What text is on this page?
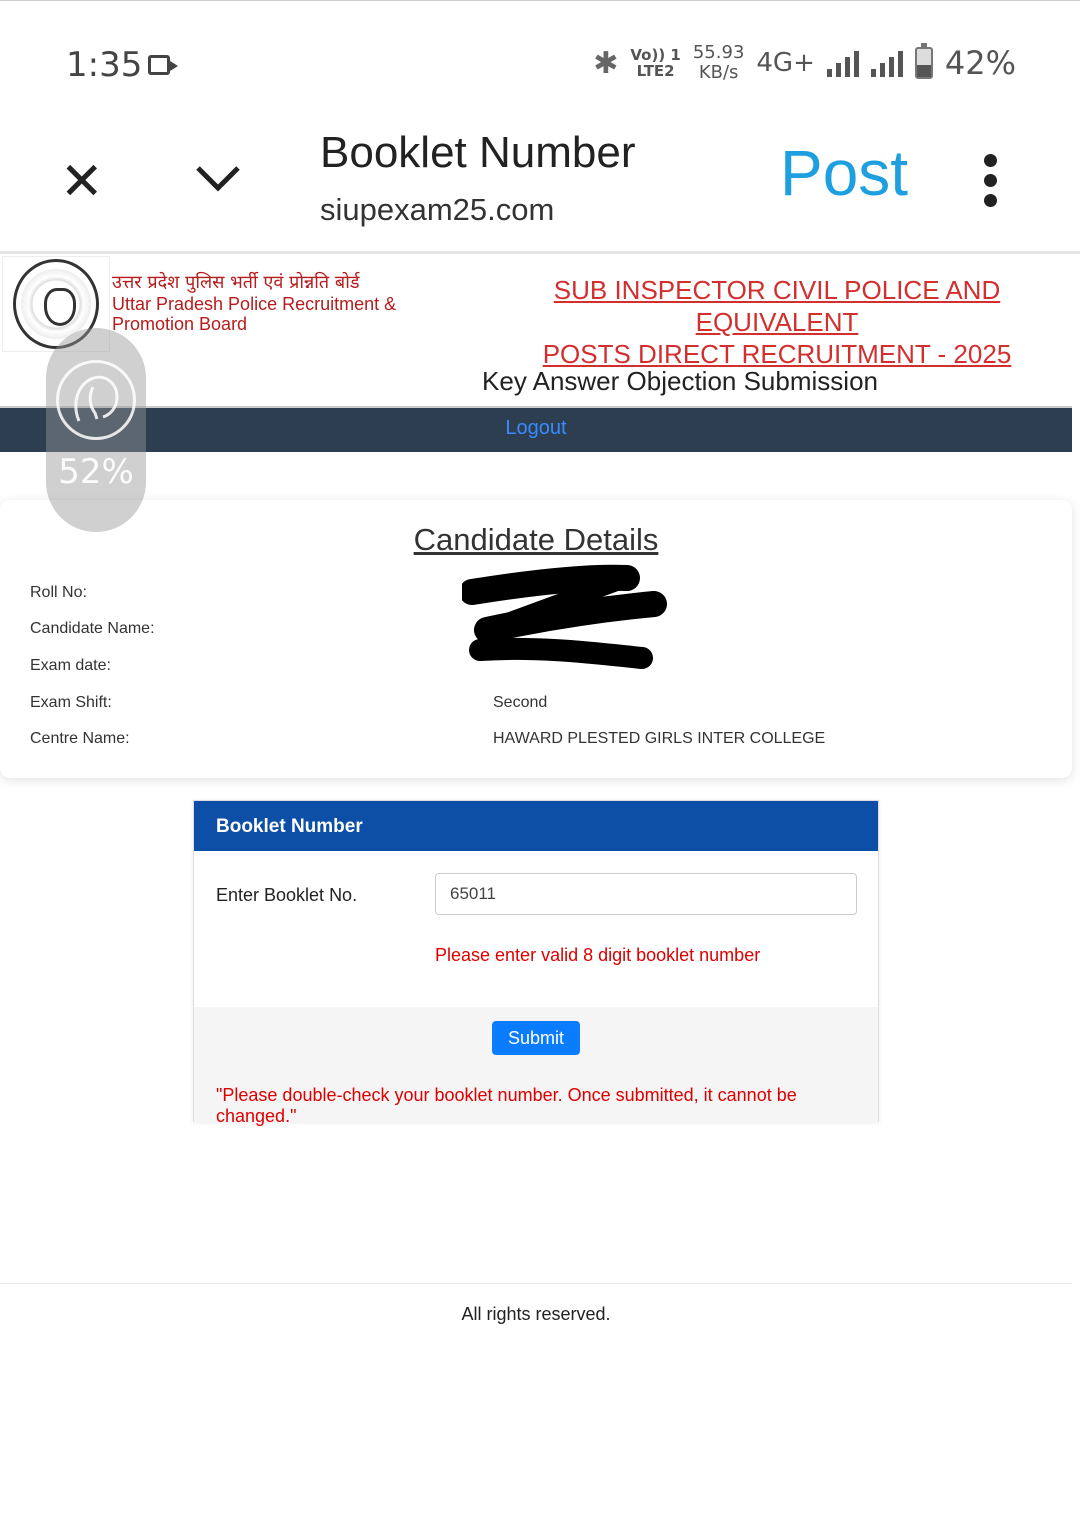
1:35	✱ Vo)) 1
LTE2
55.93
KB/s 4G+	42%
✕	Booklet Number
siupexam25.com
Post
उत्तर प्रदेश पुलिस भर्ती एवं प्रोन्नति बोर्ड
Uttar Pradesh Police Recruitment & Promotion Board
SUB INSPECTOR CIVIL POLICE AND EQUIVALENT
POSTS DIRECT RECRUITMENT - 2025
Key Answer Objection Submission
Logout
Candidate Details
Roll No:
Candidate Name:
Exam date:
Exam Shift:	Second
Centre Name:	HAWARD PLESTED GIRLS INTER COLLEGE
52%
Booklet Number
Enter Booklet No.
65011
Please enter valid 8 digit booklet number
Submit
"Please double-check your booklet number. Once submitted, it cannot be changed."
All rights reserved.
